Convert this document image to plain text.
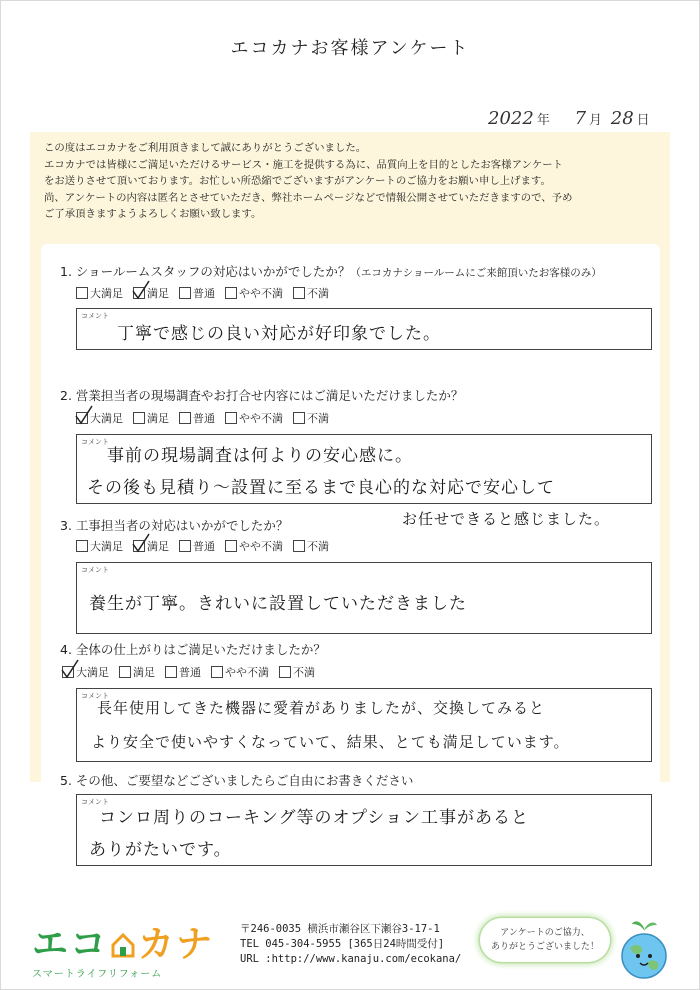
エコカナお客様アンケート
2022 年 7 月 28 日
この度はエコカナをご利用頂きまして誠にありがとうございました。
エコカナでは皆様にご満足いただけるサービス・施工を提供する為に、品質向上を目的としたお客様アンケート
をお送りさせて頂いております。お忙しい所恐縮でございますがアンケートのご協力をお願い申し上げます。
尚、アンケートの内容は匿名とさせていただき、弊社ホームページなどで情報公開させていただきますので、予め
ご了承頂きますようよろしくお願い致します。
1. ショールームスタッフの対応はいかがでしたか？（エコカナショールームにご来館頂いたお客様のみ）
大満足 満足 普通 やや不満 不満
コメント
丁寧で感じの良い対応が好印象でした。
2. 営業担当者の現場調査やお打合せ内容にはご満足いただけましたか？
大満足 満足 普通 やや不満 不満
コメント
事前の現場調査は何よりの安心感に。
その後も見積り～設置に至るまで良心的な対応で安心して
お任せできると感じました。
3. 工事担当者の対応はいかがでしたか？
大満足 満足 普通 やや不満 不満
コメント
養生が丁寧。きれいに設置していただきました
4. 全体の仕上がりはご満足いただけましたか？
大満足 満足 普通 やや不満 不満
コメント
長年使用してきた機器に愛着がありましたが、交換してみると
より安全で使いやすくなっていて、結果、とても満足しています。
5. その他、ご要望などございましたらご自由にお書きください
コメント
コンロ周りのコーキング等のオプション工事があると
ありがたいです。
エコ カナ
スマートライフリフォーム
〒246-0035 横浜市瀬谷区下瀬谷3-17-1
TEL 045-304-5955 [365日24時間受付]
URL :http://www.kanaju.com/ecokana/
アンケートのご協力、
ありがとうございました！
